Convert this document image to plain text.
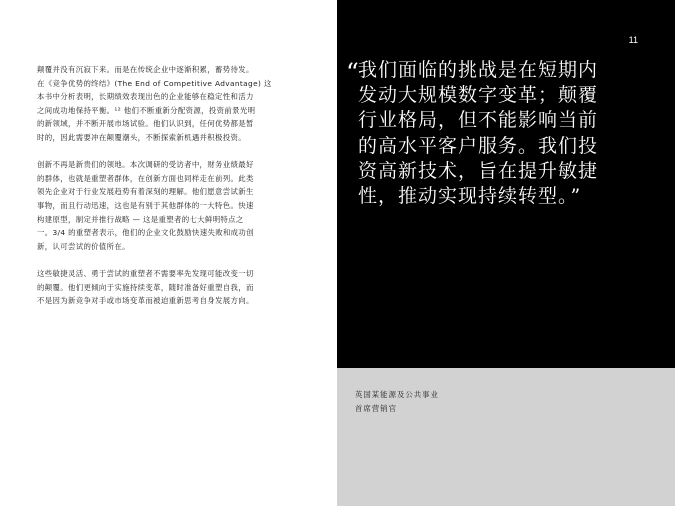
颠覆并没有沉寂下来。而是在传统企业中逐渐积累，蓄势待发。
在《竞争优势的终结》(The End of Competitive Advantage) 这
本书中分析表明，长期绩效表现出色的企业能够在稳定性和活力
之间成功地保持平衡。¹² 他们不断重新分配资源，投资前景光明
的新领域，并不断开展市场试验。他们认识到，任何优势都是暂
时的，因此需要冲在颠覆潮头，不断探索新机遇并积极投资。
创新不再是新贵们的领地。本次调研的受访者中，财务业绩最好
的群体，也就是重塑者群体，在创新方面也同样走在前列。此类
领先企业对于行业发展趋势有着深刻的理解。他们愿意尝试新生
事物，而且行动迅速，这也是有别于其他群体的一大特色。快速
构建原型，制定并推行战略 — 这是重塑者的七大鲜明特点之
一。3/4 的重塑者表示，他们的企业文化鼓励快速失败和成功创
新，认可尝试的价值所在。
这些敏捷灵活、勇于尝试的重塑者不需要率先发现可能改变一切
的颠覆。他们更倾向于实施持续变革，随时准备好重塑自我，而
不是因为新竞争对手或市场变革而被迫重新思考自身发展方向。
11
“ 我们面临的挑战是在短期内
发动大规模数字变革；颠覆
行业格局，但不能影响当前
的高水平客户服务。我们投
资高新技术，旨在提升敏捷
性，推动实现持续转型。 ”
英国某能源及公共事业
首席营销官
